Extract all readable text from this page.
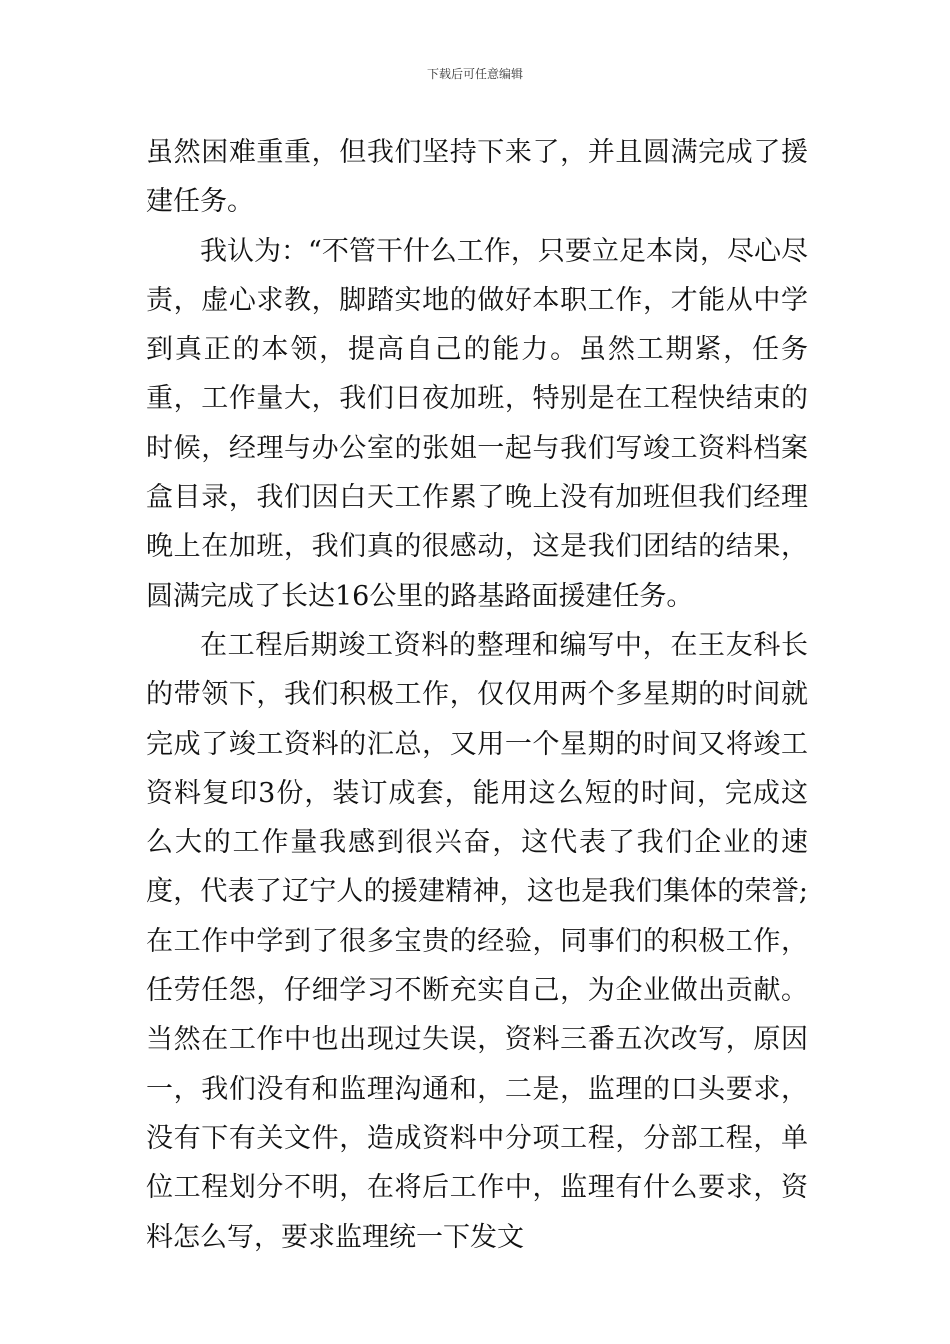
下载后可任意编辑

虽然困难重重，但我们坚持下来了，并且圆满完成了援建任务。

我认为：“不管干什么工作，只要立足本岗，尽心尽责，虚心求教，脚踏实地的做好本职工作，才能从中学到真正的本领，提高自己的能力。虽然工期紧，任务重，工作量大，我们日夜加班，特别是在工程快结束的时候，经理与办公室的张姐一起与我们写竣工资料档案盒目录，我们因白天工作累了晚上没有加班但我们经理晚上在加班，我们真的很感动，这是我们团结的结果，圆满完成了长达16公里的路基路面援建任务。

在工程后期竣工资料的整理和编写中，在王友科长的带领下，我们积极工作，仅仅用两个多星期的时间就完成了竣工资料的汇总，又用一个星期的时间又将竣工资料复印3份，装订成套，能用这么短的时间，完成这么大的工作量我感到很兴奋，这代表了我们企业的速度，代表了辽宁人的援建精神，这也是我们集体的荣誉;在工作中学到了很多宝贵的经验，同事们的积极工作，任劳任怨，仔细学习不断充实自己，为企业做出贡献。当然在工作中也出现过失误，资料三番五次改写，原因一，我们没有和监理沟通和，二是，监理的口头要求，没有下有关文件，造成资料中分项工程，分部工程，单位工程划分不明，在将后工作中，监理有什么要求，资料怎么写，要求监理统一下发文
